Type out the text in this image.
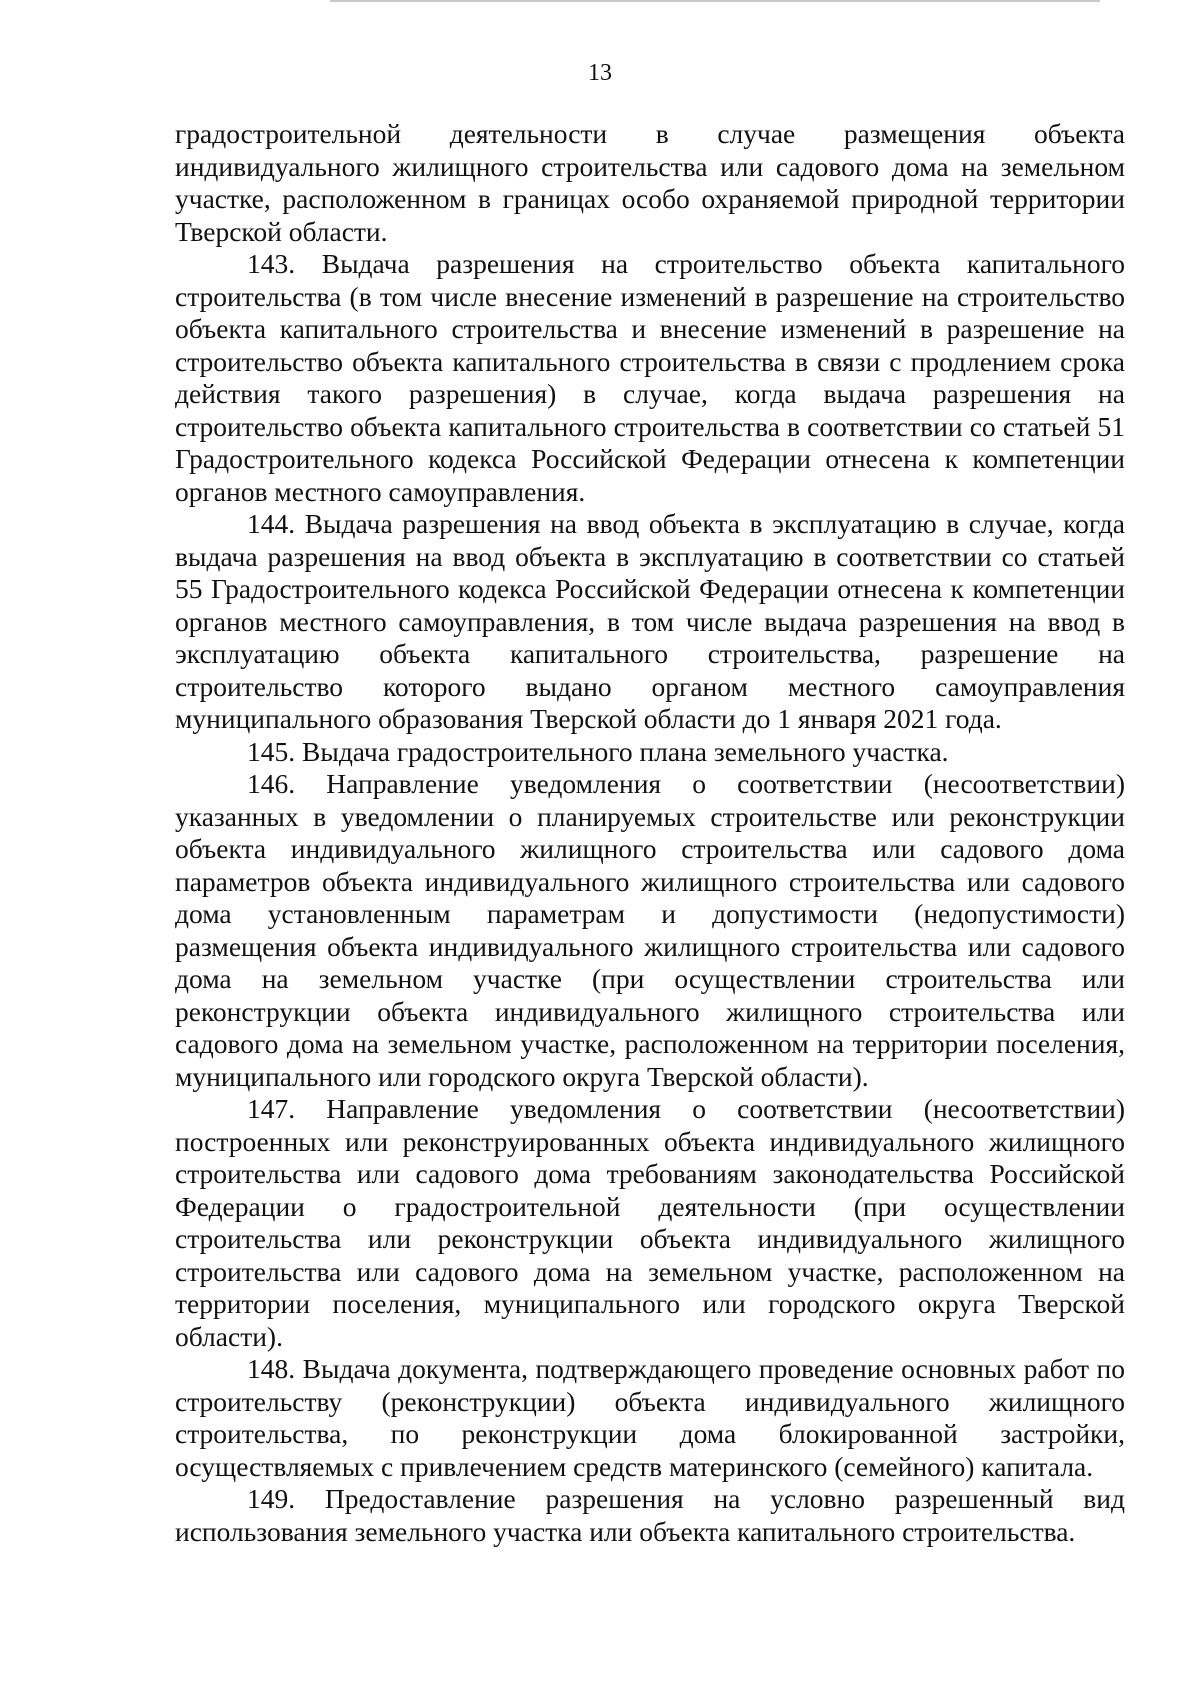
13

градостроительной деятельности в случае размещения объекта индивидуального жилищного строительства или садового дома на земельном участке, расположенном в границах особо охраняемой природной территории Тверской области.

143. Выдача разрешения на строительство объекта капитального строительства (в том числе внесение изменений в разрешение на строительство объекта капитального строительства и внесение изменений в разрешение на строительство объекта капитального строительства в связи с продлением срока действия такого разрешения) в случае, когда выдача разрешения на строительство объекта капитального строительства в соответствии со статьей 51 Градостроительного кодекса Российской Федерации отнесена к компетенции органов местного самоуправления.

144. Выдача разрешения на ввод объекта в эксплуатацию в случае, когда выдача разрешения на ввод объекта в эксплуатацию в соответствии со статьей 55 Градостроительного кодекса Российской Федерации отнесена к компетенции органов местного самоуправления, в том числе выдача разрешения на ввод в эксплуатацию объекта капитального строительства, разрешение на строительство которого выдано органом местного самоуправления муниципального образования Тверской области до 1 января 2021 года.

145. Выдача градостроительного плана земельного участка.

146. Направление уведомления о соответствии (несоответствии) указанных в уведомлении о планируемых строительстве или реконструкции объекта индивидуального жилищного строительства или садового дома параметров объекта индивидуального жилищного строительства или садового дома установленным параметрам и допустимости (недопустимости) размещения объекта индивидуального жилищного строительства или садового дома на земельном участке (при осуществлении строительства или реконструкции объекта индивидуального жилищного строительства или садового дома на земельном участке, расположенном на территории поселения, муниципального или городского округа Тверской области).

147. Направление уведомления о соответствии (несоответствии) построенных или реконструированных объекта индивидуального жилищного строительства или садового дома требованиям законодательства Российской Федерации о градостроительной деятельности (при осуществлении строительства или реконструкции объекта индивидуального жилищного строительства или садового дома на земельном участке, расположенном на территории поселения, муниципального или городского округа Тверской области).

148. Выдача документа, подтверждающего проведение основных работ по строительству (реконструкции) объекта индивидуального жилищного строительства, по реконструкции дома блокированной застройки, осуществляемых с привлечением средств материнского (семейного) капитала.

149. Предоставление разрешения на условно разрешенный вид использования земельного участка или объекта капитального строительства.
